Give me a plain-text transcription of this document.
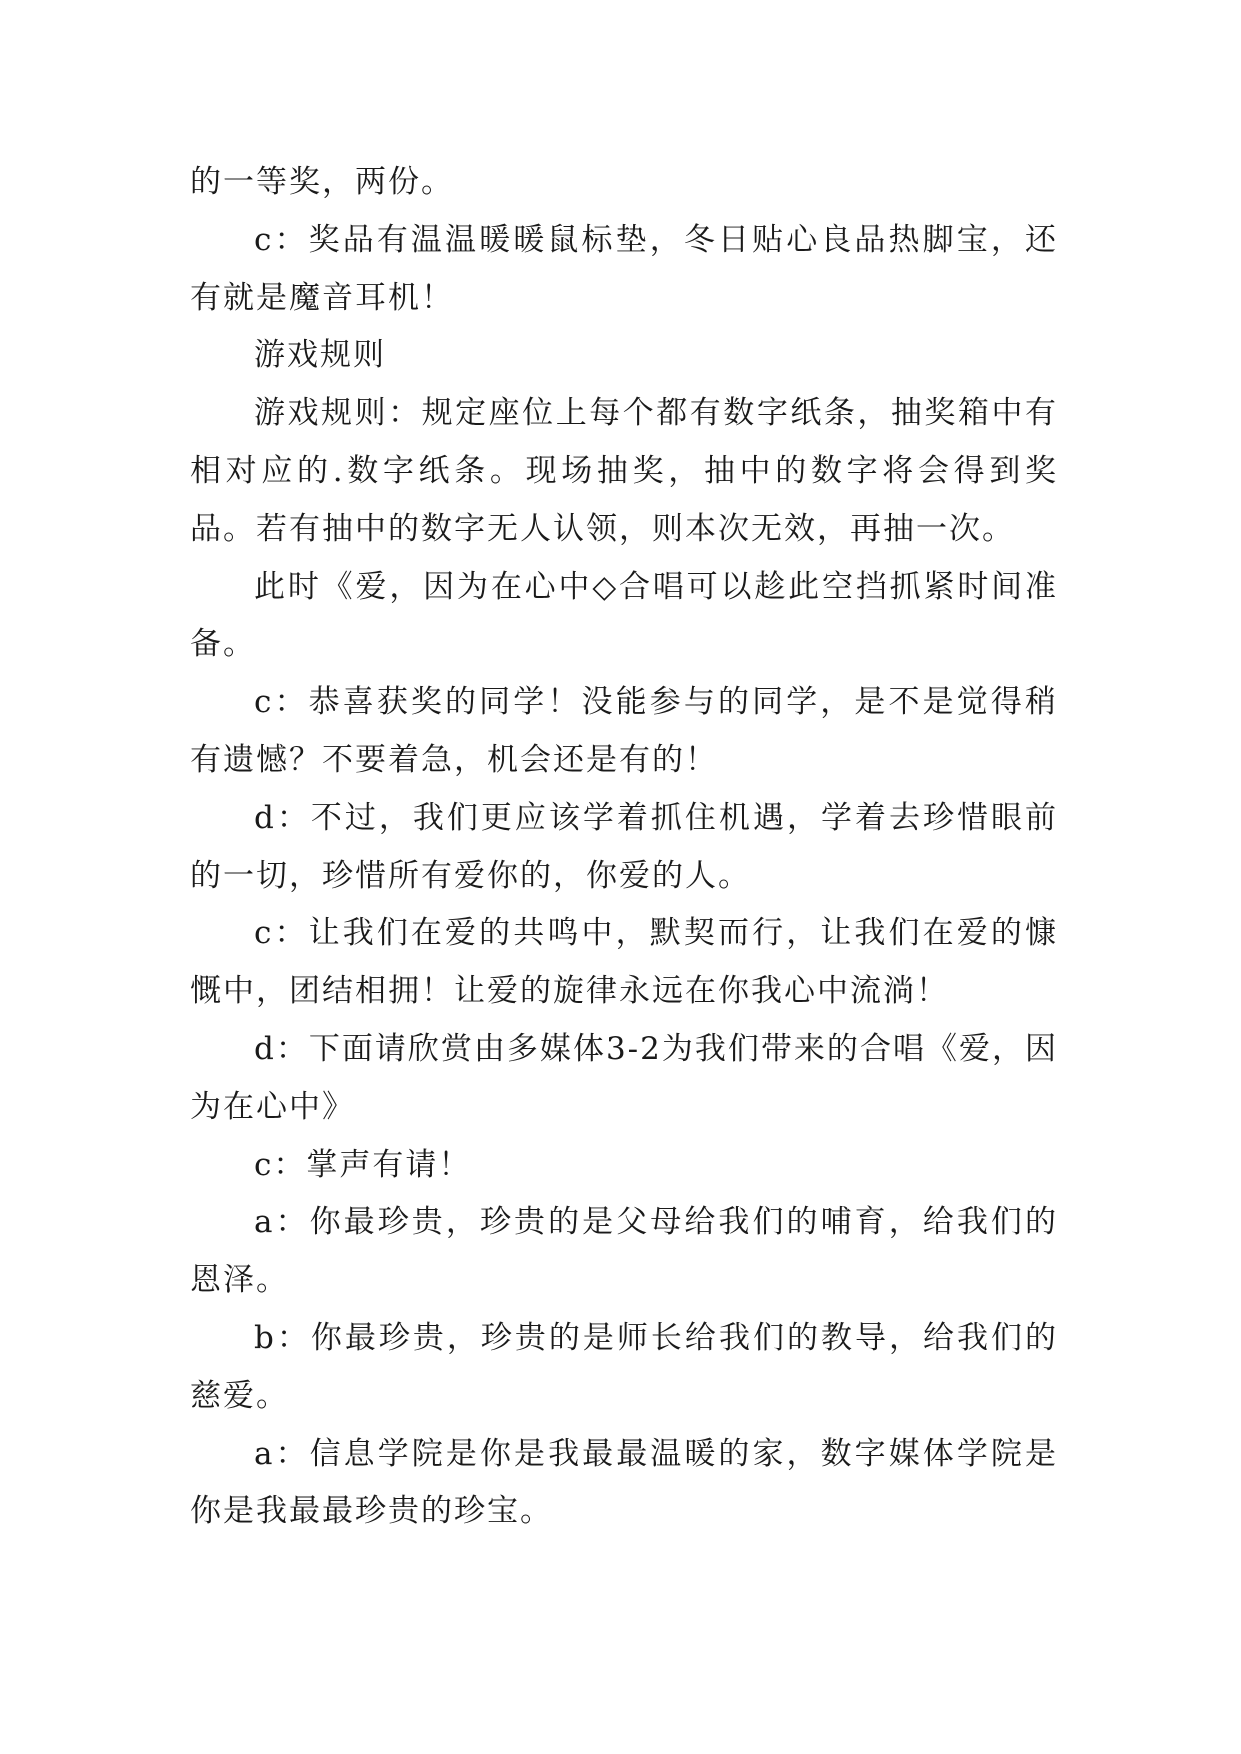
的一等奖，两份。

c：奖品有温温暖暖鼠标垫，冬日贴心良品热脚宝，还有就是魔音耳机！

游戏规则

游戏规则：规定座位上每个都有数字纸条，抽奖箱中有相对应的.数字纸条。现场抽奖，抽中的数字将会得到奖品。若有抽中的数字无人认领，则本次无效，再抽一次。

此时《爱，因为在心中◇合唱可以趁此空挡抓紧时间准备。

c：恭喜获奖的同学！没能参与的同学，是不是觉得稍有遗憾？不要着急，机会还是有的！

d：不过，我们更应该学着抓住机遇，学着去珍惜眼前的一切，珍惜所有爱你的，你爱的人。

c：让我们在爱的共鸣中，默契而行，让我们在爱的慷慨中，团结相拥！让爱的旋律永远在你我心中流淌！

d：下面请欣赏由多媒体3-2为我们带来的合唱《爱，因为在心中》

c：掌声有请！

a：你最珍贵，珍贵的是父母给我们的哺育，给我们的恩泽。

b：你最珍贵，珍贵的是师长给我们的教导，给我们的慈爱。

a：信息学院是你是我最最温暖的家，数字媒体学院是你是我最最珍贵的珍宝。
